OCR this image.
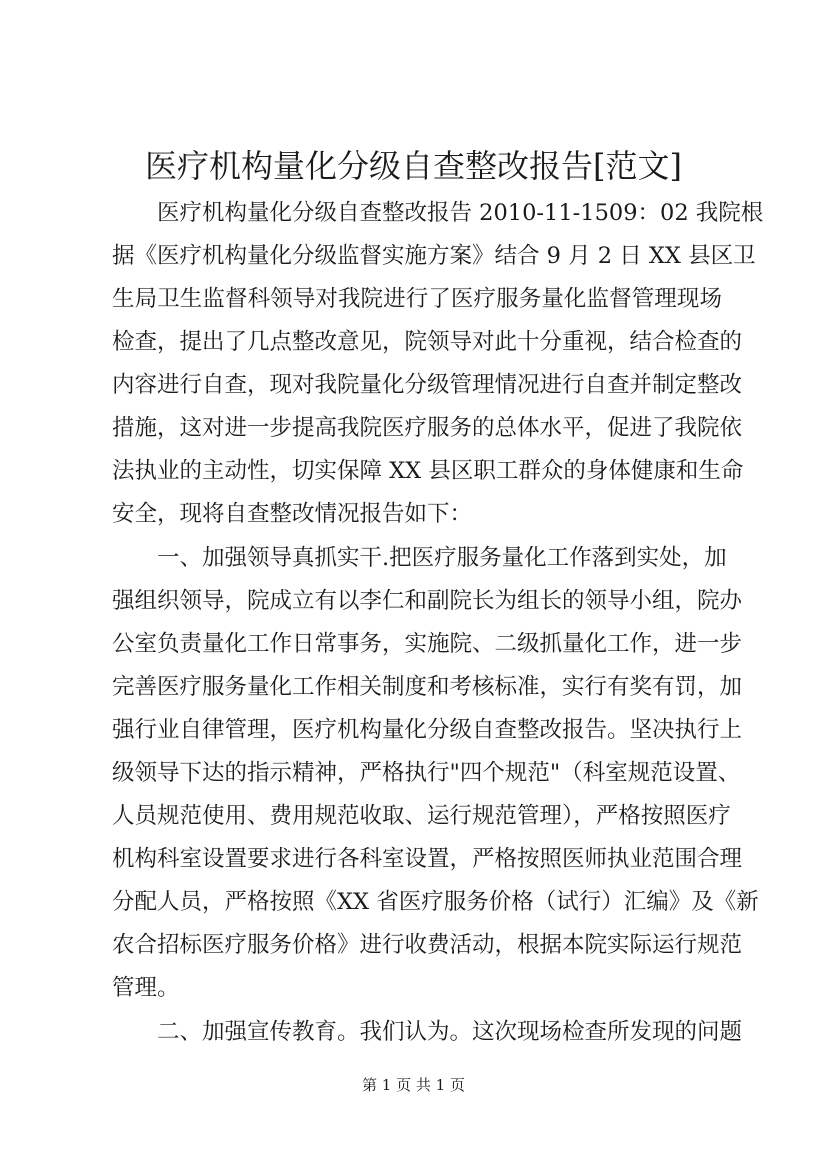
医疗机构量化分级自查整改报告[范文]
医疗机构量化分级自查整改报告 2010-11-1509：02 我院根
据《医疗机构量化分级监督实施方案》结合 9 月 2 日 XX 县区卫
生局卫生监督科领导对我院进行了医疗服务量化监督管理现场
检查，提出了几点整改意见，院领导对此十分重视，结合检查的
内容进行自查，现对我院量化分级管理情况进行自查并制定整改
措施，这对进一步提高我院医疗服务的总体水平，促进了我院依
法执业的主动性，切实保障 XX 县区职工群众的身体健康和生命
安全，现将自查整改情况报告如下：
一、加强领导真抓实干.把医疗服务量化工作落到实处，加
强组织领导，院成立有以李仁和副院长为组长的领导小组，院办
公室负责量化工作日常事务，实施院、二级抓量化工作，进一步
完善医疗服务量化工作相关制度和考核标准，实行有奖有罚，加
强行业自律管理，医疗机构量化分级自查整改报告。坚决执行上
级领导下达的指示精神，严格执行"四个规范"（科室规范设置、
人员规范使用、费用规范收取、运行规范管理），严格按照医疗
机构科室设置要求进行各科室设置，严格按照医师执业范围合理
分配人员，严格按照《XX 省医疗服务价格（试行）汇编》及《新
农合招标医疗服务价格》进行收费活动，根据本院实际运行规范
管理。
二、加强宣传教育。我们认为。这次现场检查所发现的问题
第 1 页 共 1 页
